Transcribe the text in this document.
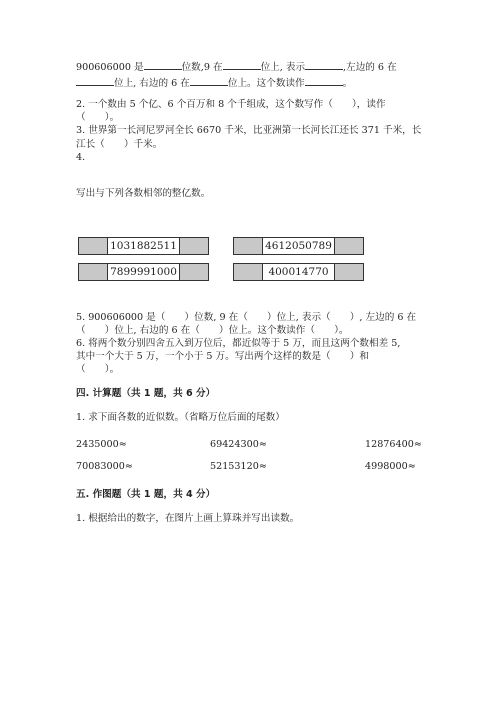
900606000 是	位数,9 在	位上, 表示	,左边的 6 在
位上, 右边的 6 在	位上。这个数读作	。
2. 一个数由 5 个亿、6 个百万和 8 个千组成，这个数写作（　　），读作
（　　）。
3. 世界第一长河尼罗河全长 6670 千米，比亚洲第一长河长江还长 371 千米，长
江长（　　）千米。
4.
写出与下列各数相邻的整亿数。
1031882511	4612050789
7899991000	400014770
5. 900606000 是（　　）位数, 9 在（　　）位上, 表示（　　）, 左边的 6 在
（　　）位上, 右边的 6 在（　　）位上。这个数读作（　　）。
6. 将两个数分别四舍五入到万位后，都近似等于 5 万，而且这两个数相差 5,
其中一个大于 5 万，一个小于 5 万。写出两个这样的数是（　　）和
（　　）。
四. 计算题（共 1 题，共 6 分）
1. 求下面各数的近似数。（省略万位后面的尾数）
2435000≈	69424300≈	12876400≈
70083000≈	52153120≈	4998000≈
五. 作图题（共 1 题，共 4 分）
1. 根据给出的数字，在图片上画上算珠并写出读数。
